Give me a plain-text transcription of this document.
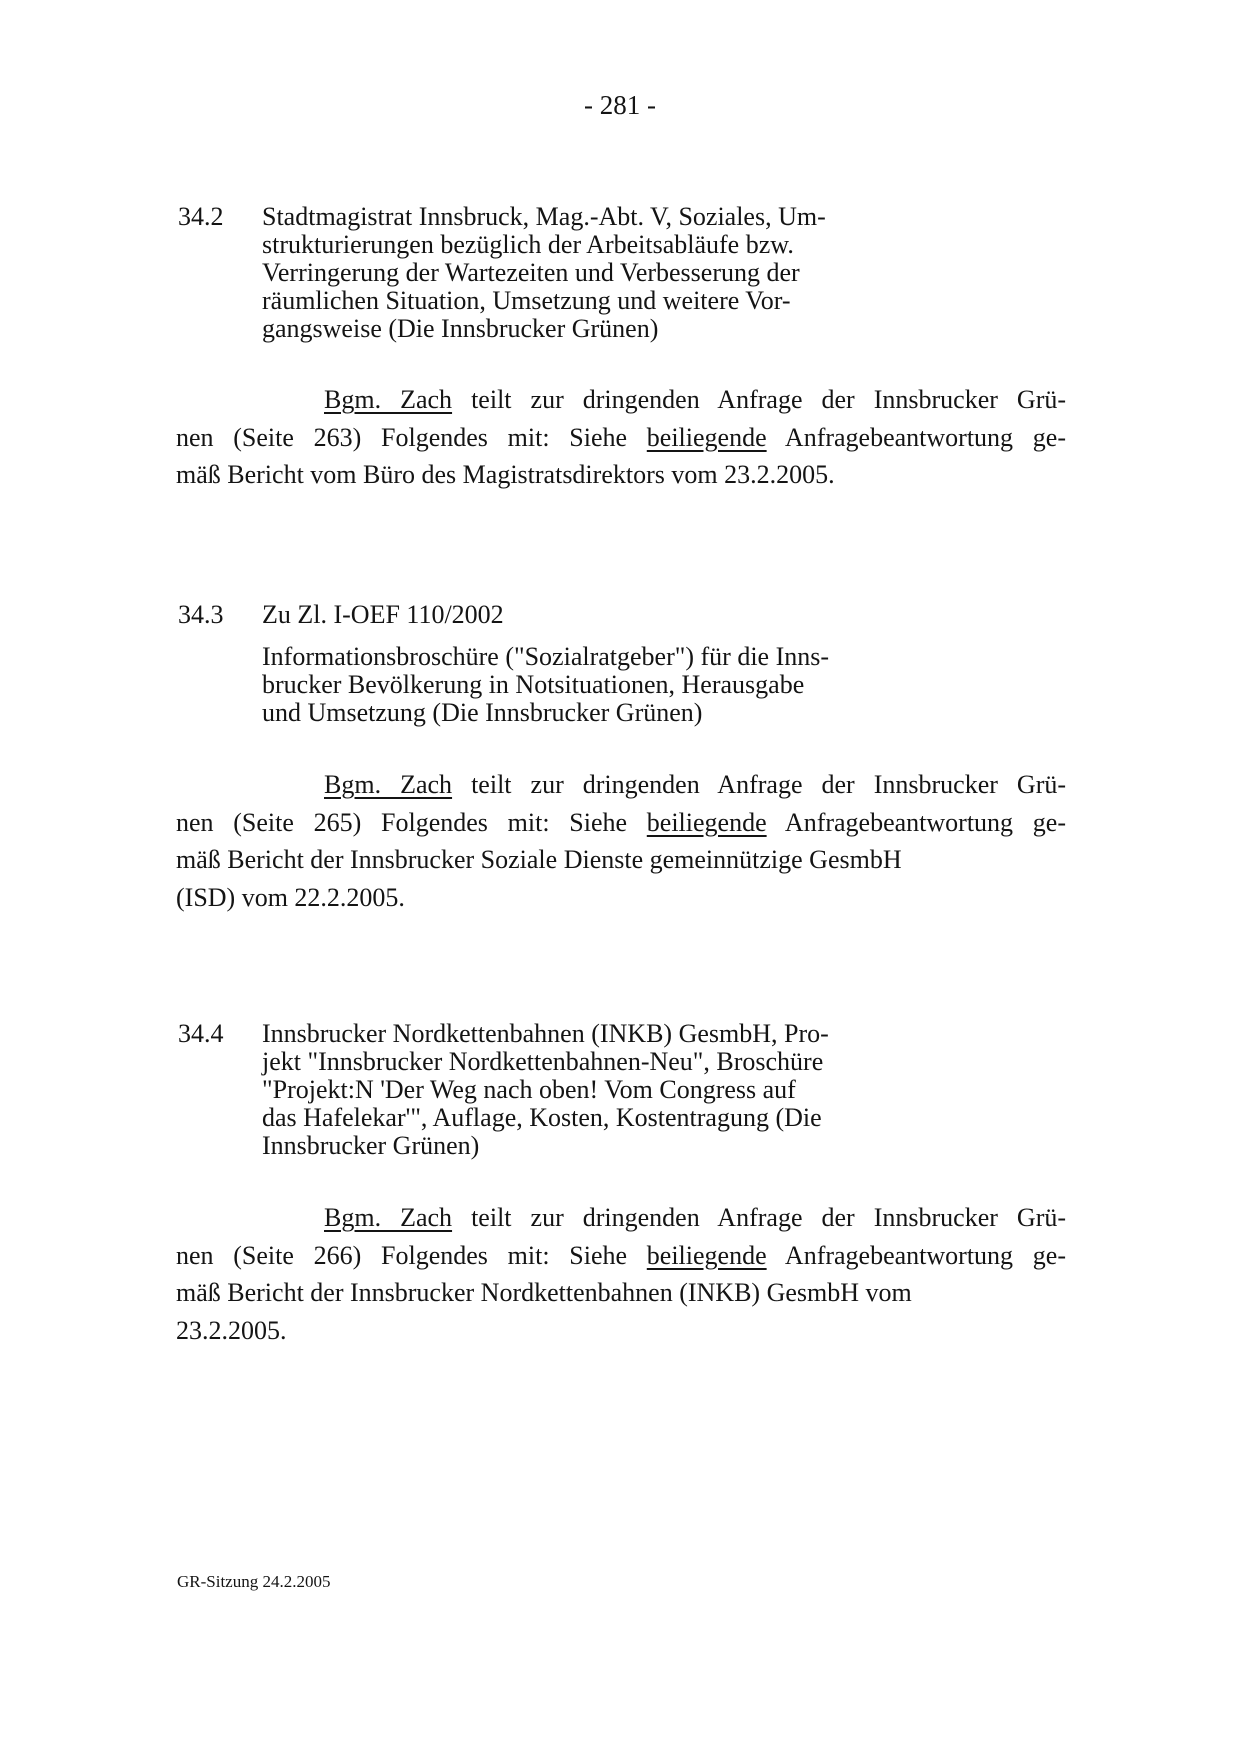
- 281 -
34.2 Stadtmagistrat Innsbruck, Mag.-Abt. V, Soziales, Um-
strukturierungen bezüglich der Arbeitsabläufe bzw.
Verringerung der Wartezeiten und Verbesserung der
räumlichen Situation, Umsetzung und weitere Vor-
gangsweise (Die Innsbrucker Grünen)
Bgm. Zach teilt zur dringenden Anfrage der Innsbrucker Grü-
nen (Seite 263) Folgendes mit: Siehe beiliegende Anfragebeantwortung ge-
mäß Bericht vom Büro des Magistratsdirektors vom 23.2.2005.
34.3 Zu Zl. I-OEF 110/2002
Informationsbroschüre ("Sozialratgeber") für die Inns-
brucker Bevölkerung in Notsituationen, Herausgabe
und Umsetzung (Die Innsbrucker Grünen)
Bgm. Zach teilt zur dringenden Anfrage der Innsbrucker Grü-
nen (Seite 265) Folgendes mit: Siehe beiliegende Anfragebeantwortung ge-
mäß Bericht der Innsbrucker Soziale Dienste gemeinnützige GesmbH
(ISD) vom 22.2.2005.
34.4 Innsbrucker Nordkettenbahnen (INKB) GesmbH, Pro-
jekt "Innsbrucker Nordkettenbahnen-Neu", Broschüre
"Projekt:N 'Der Weg nach oben! Vom Congress auf
das Hafelekar'", Auflage, Kosten, Kostentragung (Die
Innsbrucker Grünen)
Bgm. Zach teilt zur dringenden Anfrage der Innsbrucker Grü-
nen (Seite 266) Folgendes mit: Siehe beiliegende Anfragebeantwortung ge-
mäß Bericht der Innsbrucker Nordkettenbahnen (INKB) GesmbH vom
23.2.2005.
GR-Sitzung 24.2.2005
